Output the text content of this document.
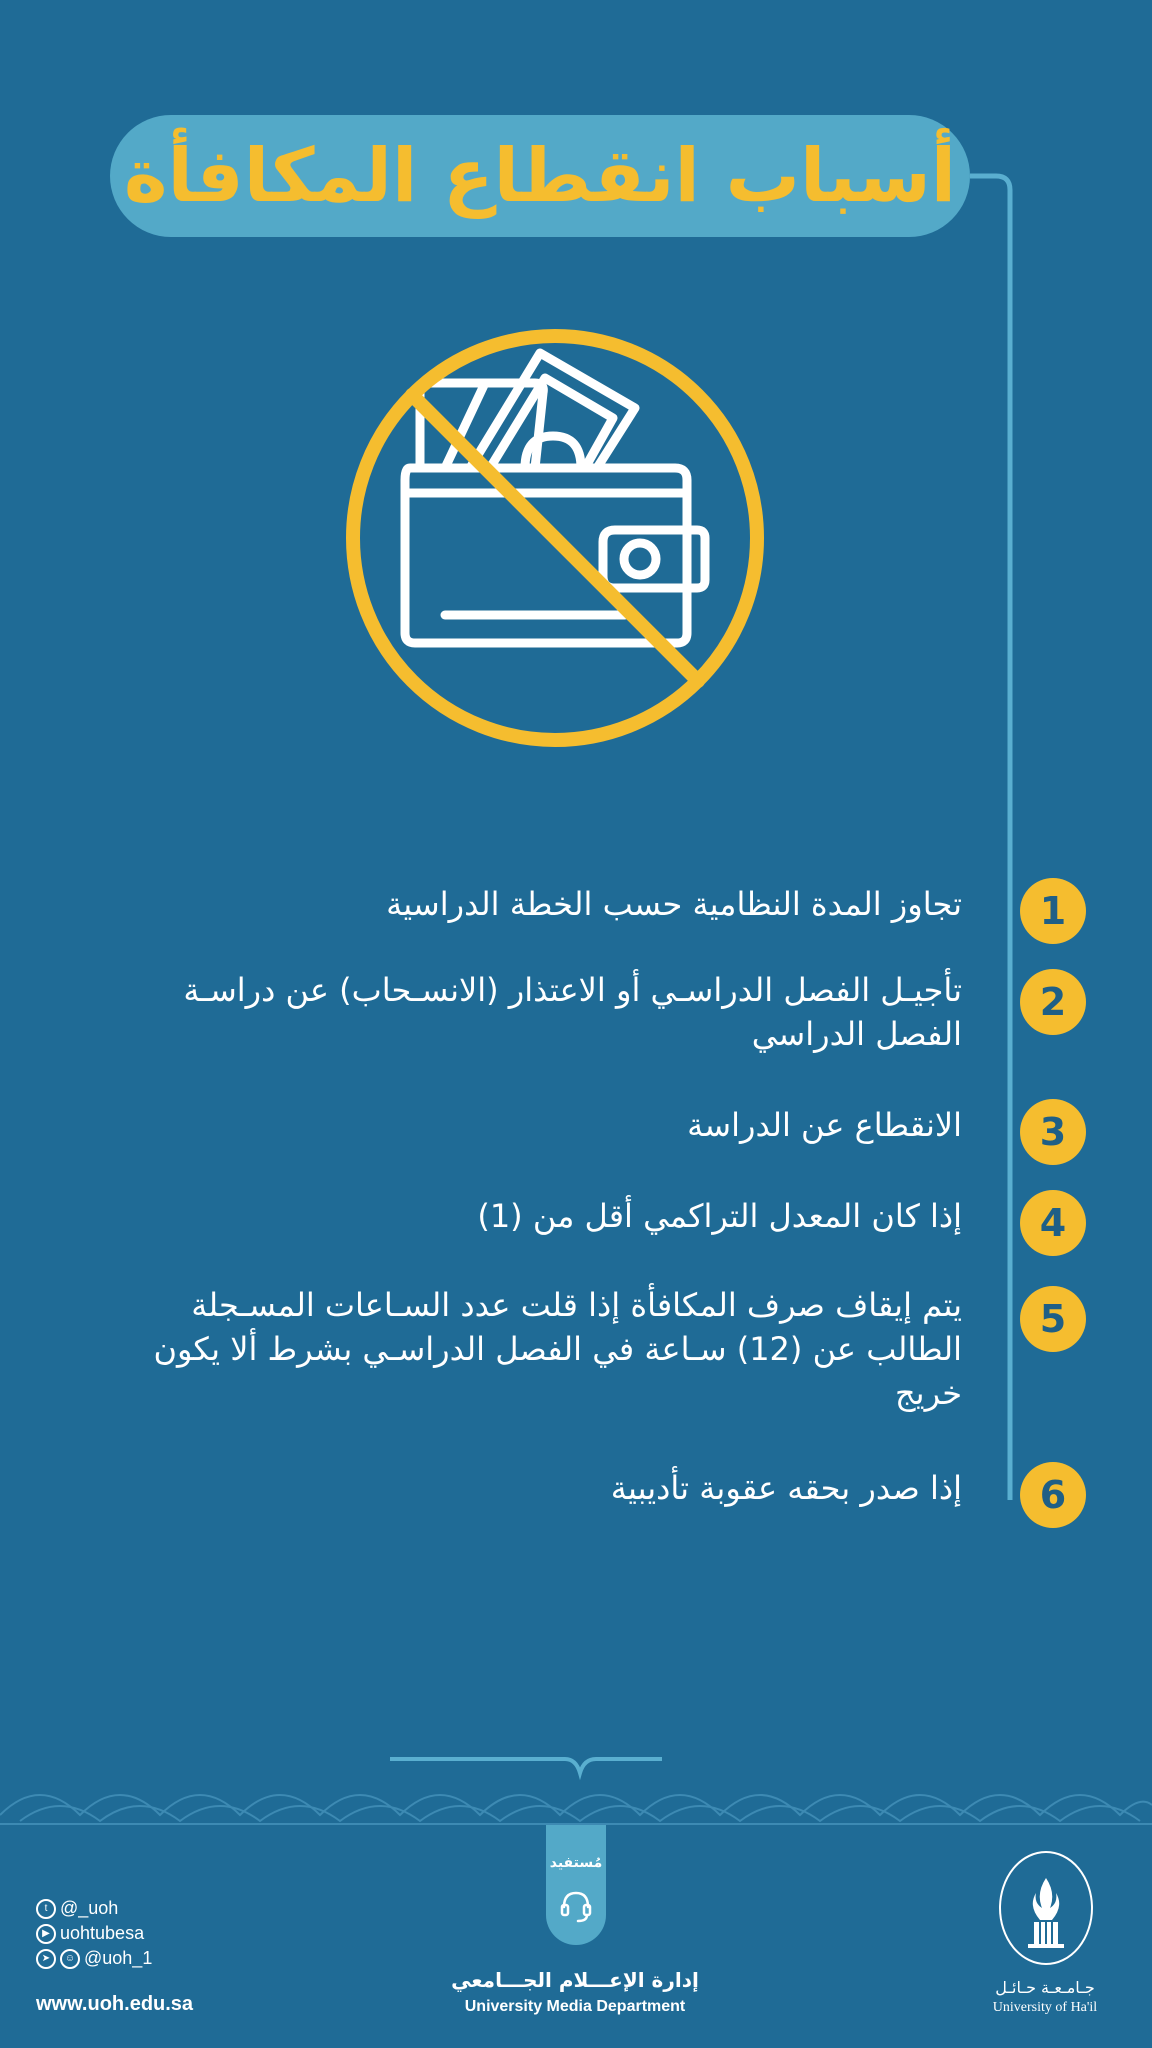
أسباب انقطاع المكافأة
1
تجاوز المدة النظامية حسب الخطة الدراسية
2
تأجيـل الفصل الدراسـي أو الاعتذار (الانسـحاب) عن دراسـة الفصل الدراسي
3
الانقطاع عن الدراسة
4
إذا كان المعدل التراكمي أقل من (1)
5
يتم إيقاف صرف المكافأة إذا قلت عدد السـاعات المسـجلة الطالب عن (12) سـاعة في الفصل الدراسـي بشرط ألا يكون خريج
6
إذا صدر بحقه عقوبة تأديبية
t @_uoh
▶ uohtubesa
➤ ☺ @uoh_1
www.uoh.edu.sa
مُستفيد
إدارة الإعـــلام الجـــامعي
University Media Department
جـامـعـة حـائـل
University of Ha'il
